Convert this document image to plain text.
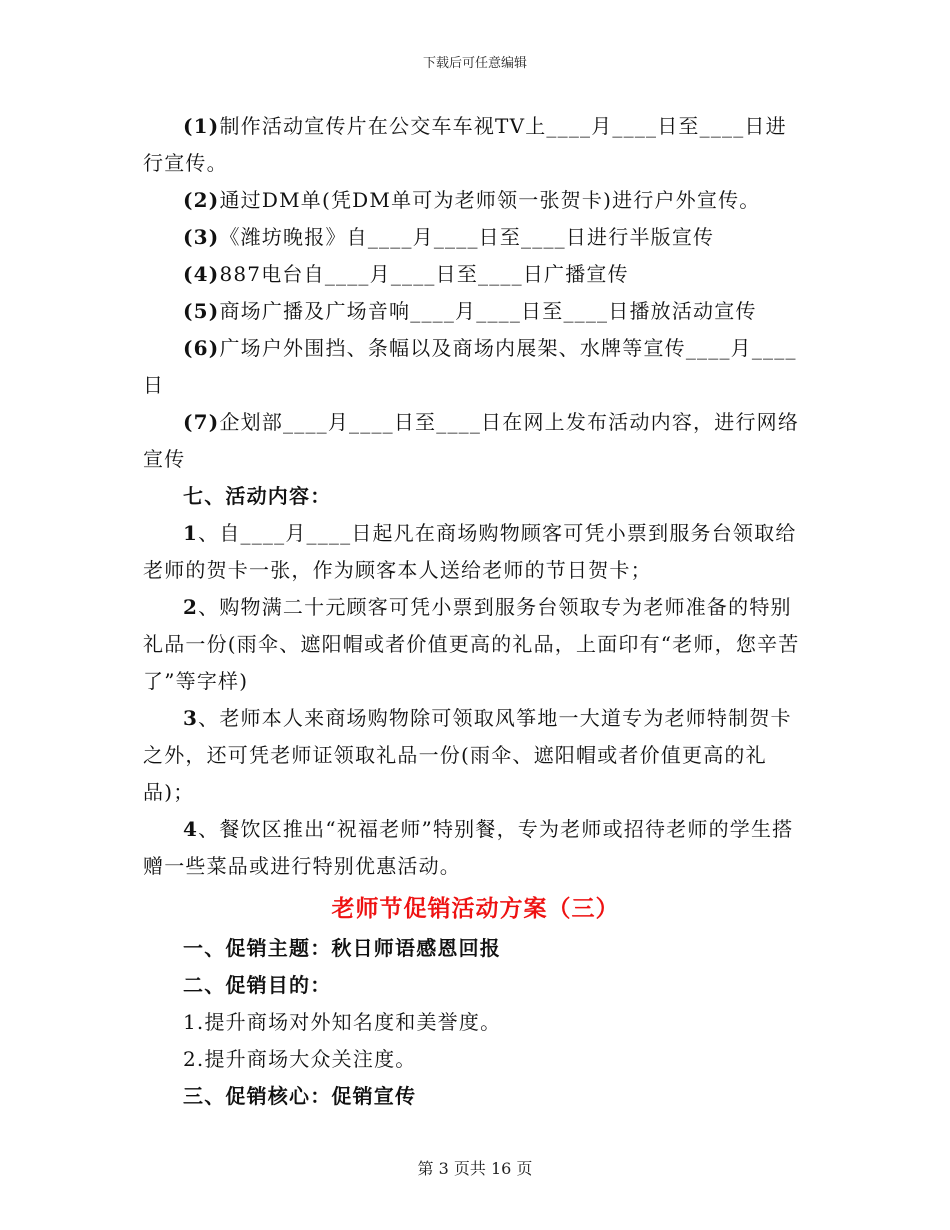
下载后可任意编辑

(1)制作活动宣传片在公交车车视TV上____月____日至____日进行宣传。

(2)通过DM单(凭DM单可为老师领一张贺卡)进行户外宣传。

(3)《潍坊晚报》自____月____日至____日进行半版宣传

(4)887电台自____月____日至____日广播宣传

(5)商场广播及广场音响____月____日至____日播放活动宣传

(6)广场户外围挡、条幅以及商场内展架、水牌等宣传____月____日

(7)企划部____月____日至____日在网上发布活动内容，进行网络宣传

七、活动内容：

1、自____月____日起凡在商场购物顾客可凭小票到服务台领取给老师的贺卡一张，作为顾客本人送给老师的节日贺卡；

2、购物满二十元顾客可凭小票到服务台领取专为老师准备的特别礼品一份(雨伞、遮阳帽或者价值更高的礼品，上面印有“老师，您辛苦了”等字样)

3、老师本人来商场购物除可领取风筝地一大道专为老师特制贺卡之外，还可凭老师证领取礼品一份(雨伞、遮阳帽或者价值更高的礼品)；

4、餐饮区推出“祝福老师”特别餐，专为老师或招待老师的学生搭赠一些菜品或进行特别优惠活动。

老师节促销活动方案（三）

一、促销主题：秋日师语感恩回报

二、促销目的：

1.提升商场对外知名度和美誉度。

2.提升商场大众关注度。

三、促销核心：促销宣传

第 3 页共 16 页
